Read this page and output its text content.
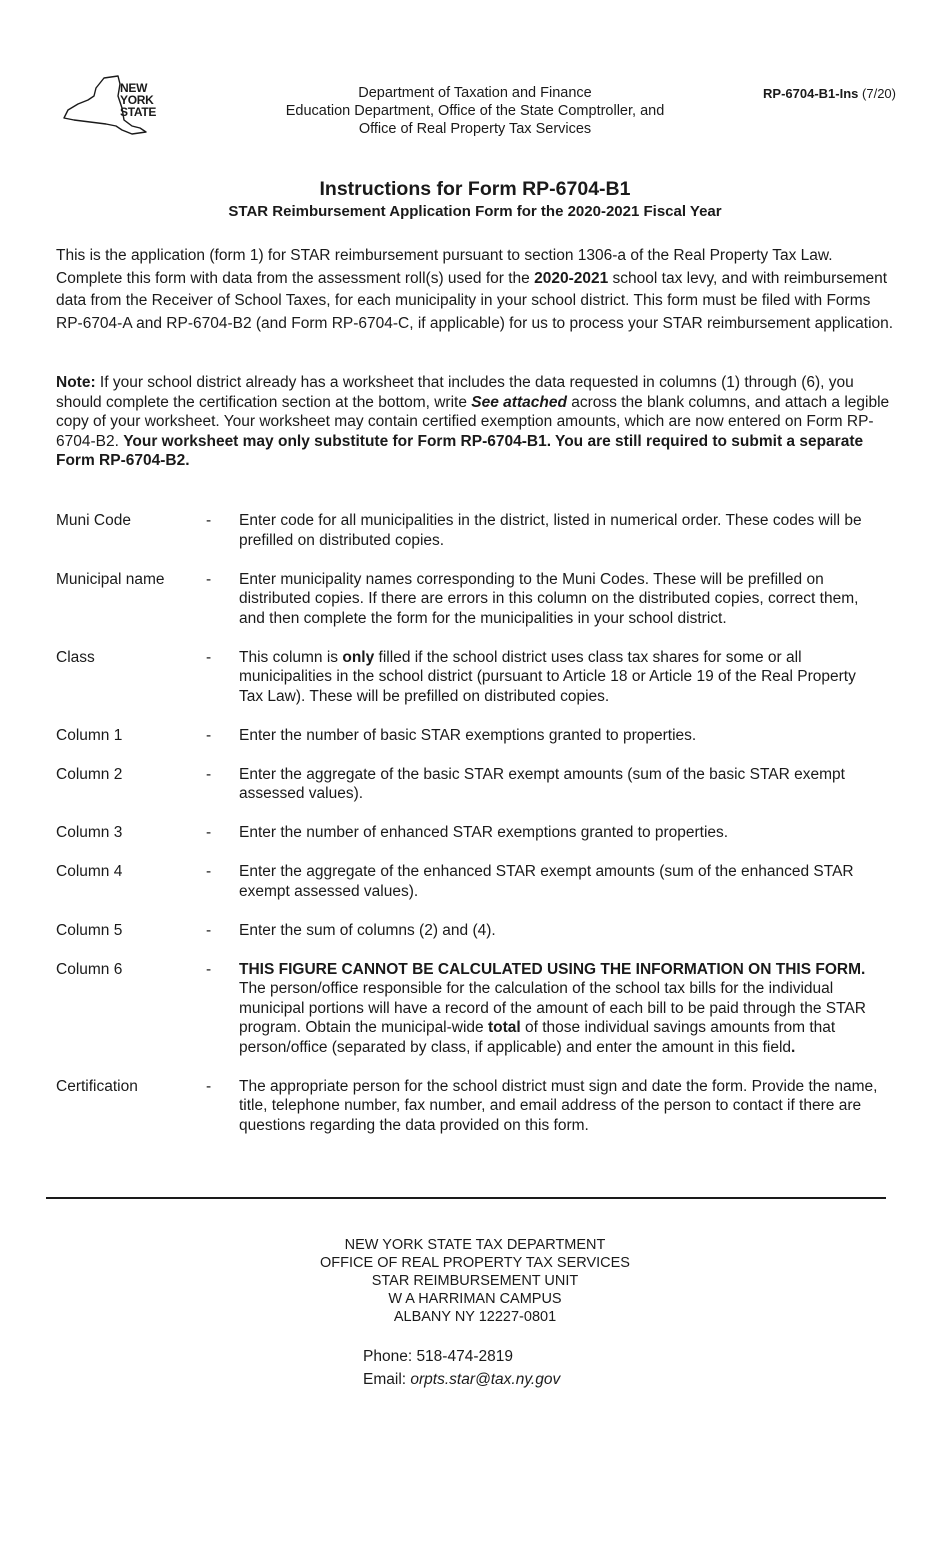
NEW
YORK
STATE
Department of Taxation and Finance
Education Department, Office of the State Comptroller, and
Office of Real Property Tax Services
RP-6704-B1-Ins (7/20)
Instructions for Form RP-6704-B1
STAR Reimbursement Application Form for the 2020-2021 Fiscal Year

This is the application (form 1) for STAR reimbursement pursuant to section 1306-a of the Real Property Tax Law. Complete this form with data from the assessment roll(s) used for the 2020-2021 school tax levy, and with reimbursement data from the Receiver of School Taxes, for each municipality in your school district. This form must be filed with Forms RP-6704-A and RP-6704-B2 (and Form RP-6704-C, if applicable) for us to process your STAR reimbursement application.

Note: If your school district already has a worksheet that includes the data requested in columns (1) through (6), you should complete the certification section at the bottom, write See attached across the blank columns, and attach a legible copy of your worksheet. Your worksheet may contain certified exemption amounts, which are now entered on Form RP-6704-B2. Your worksheet may only substitute for Form RP-6704-B1. You are still required to submit a separate Form RP-6704-B2.
Muni Code	-	Enter code for all municipalities in the district, listed in numerical order. These codes will be prefilled on distributed copies.
Municipal name	-	Enter municipality names corresponding to the Muni Codes. These will be prefilled on distributed copies. If there are errors in this column on the distributed copies, correct them, and then complete the form for the municipalities in your school district.
Class	-	This column is only filled if the school district uses class tax shares for some or all municipalities in the school district (pursuant to Article 18 or Article 19 of the Real Property Tax Law). These will be prefilled on distributed copies.
Column 1	-	Enter the number of basic STAR exemptions granted to properties.
Column 2	-	Enter the aggregate of the basic STAR exempt amounts (sum of the basic STAR exempt assessed values).
Column 3	-	Enter the number of enhanced STAR exemptions granted to properties.
Column 4	-	Enter the aggregate of the enhanced STAR exempt amounts (sum of the enhanced STAR exempt assessed values).
Column 5	-	Enter the sum of columns (2) and (4).
Column 6	-	THIS FIGURE CANNOT BE CALCULATED USING THE INFORMATION ON THIS FORM. The person/office responsible for the calculation of the school tax bills for the individual municipal portions will have a record of the amount of each bill to be paid through the STAR program. Obtain the municipal-wide total of those individual savings amounts from that person/office (separated by class, if applicable) and enter the amount in this field.
Certification	-	The appropriate person for the school district must sign and date the form. Provide the name, title, telephone number, fax number, and email address of the person to contact if there are questions regarding the data provided on this form.
NEW YORK STATE TAX DEPARTMENT
OFFICE OF REAL PROPERTY TAX SERVICES
STAR REIMBURSEMENT UNIT
W A HARRIMAN CAMPUS
ALBANY NY 12227-0801
Phone: 518-474-2819
Email: orpts.star@tax.ny.gov
